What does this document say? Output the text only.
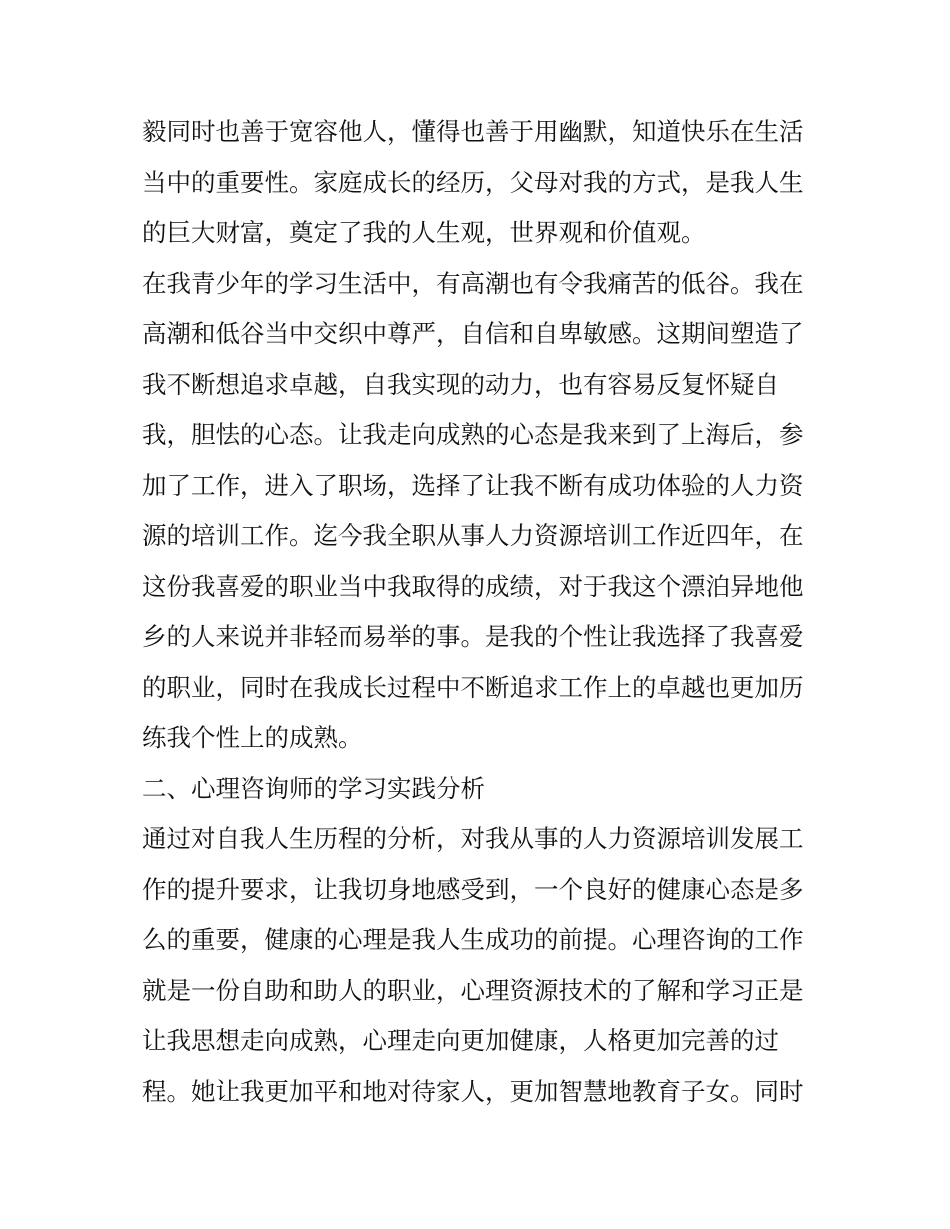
毅同时也善于宽容他人，懂得也善于用幽默，知道快乐在生活
当中的重要性。家庭成长的经历，父母对我的方式，是我人生
的巨大财富，奠定了我的人生观，世界观和价值观。
在我青少年的学习生活中，有高潮也有令我痛苦的低谷。我在
高潮和低谷当中交织中尊严，自信和自卑敏感。这期间塑造了
我不断想追求卓越，自我实现的动力，也有容易反复怀疑自
我，胆怯的心态。让我走向成熟的心态是我来到了上海后，参
加了工作，进入了职场，选择了让我不断有成功体验的人力资
源的培训工作。迄今我全职从事人力资源培训工作近四年，在
这份我喜爱的职业当中我取得的成绩，对于我这个漂泊异地他
乡的人来说并非轻而易举的事。是我的个性让我选择了我喜爱
的职业，同时在我成长过程中不断追求工作上的卓越也更加历
练我个性上的成熟。
二、心理咨询师的学习实践分析
通过对自我人生历程的分析，对我从事的人力资源培训发展工
作的提升要求，让我切身地感受到，一个良好的健康心态是多
么的重要，健康的心理是我人生成功的前提。心理咨询的工作
就是一份自助和助人的职业，心理资源技术的了解和学习正是
让我思想走向成熟，心理走向更加健康，人格更加完善的过
程。她让我更加平和地对待家人，更加智慧地教育子女。同时
